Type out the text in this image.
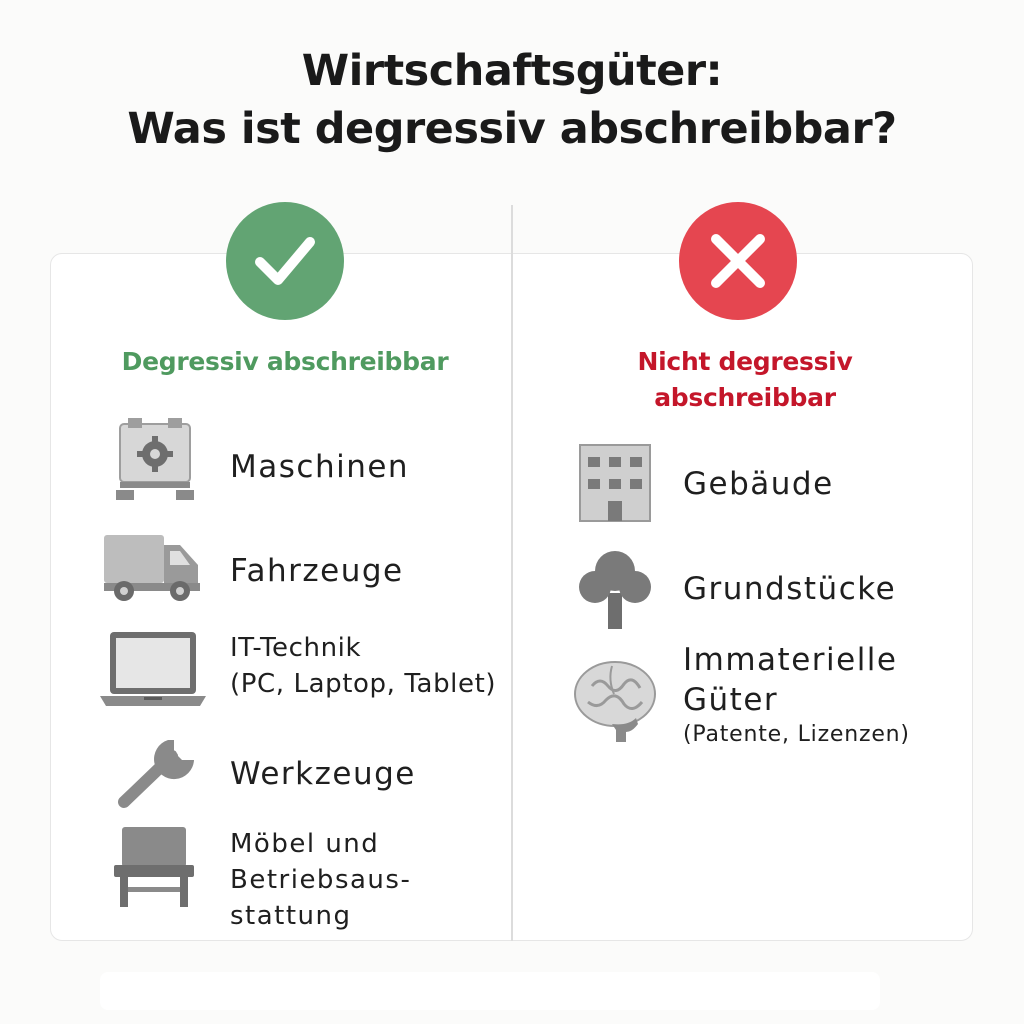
Wirtschaftsgüter:
Was ist degressiv abschreibbar?
Degressiv abschreibbar	Nicht degressiv
abschreibbar
Maschinen
Fahrzeuge
IT-Technik
(PC, Laptop, Tablet)
Werkzeuge
Möbel und
Betriebsaus-
stattung
Gebäude
Grundstücke
Immaterielle
Güter
(Patente, Lizenzen)
